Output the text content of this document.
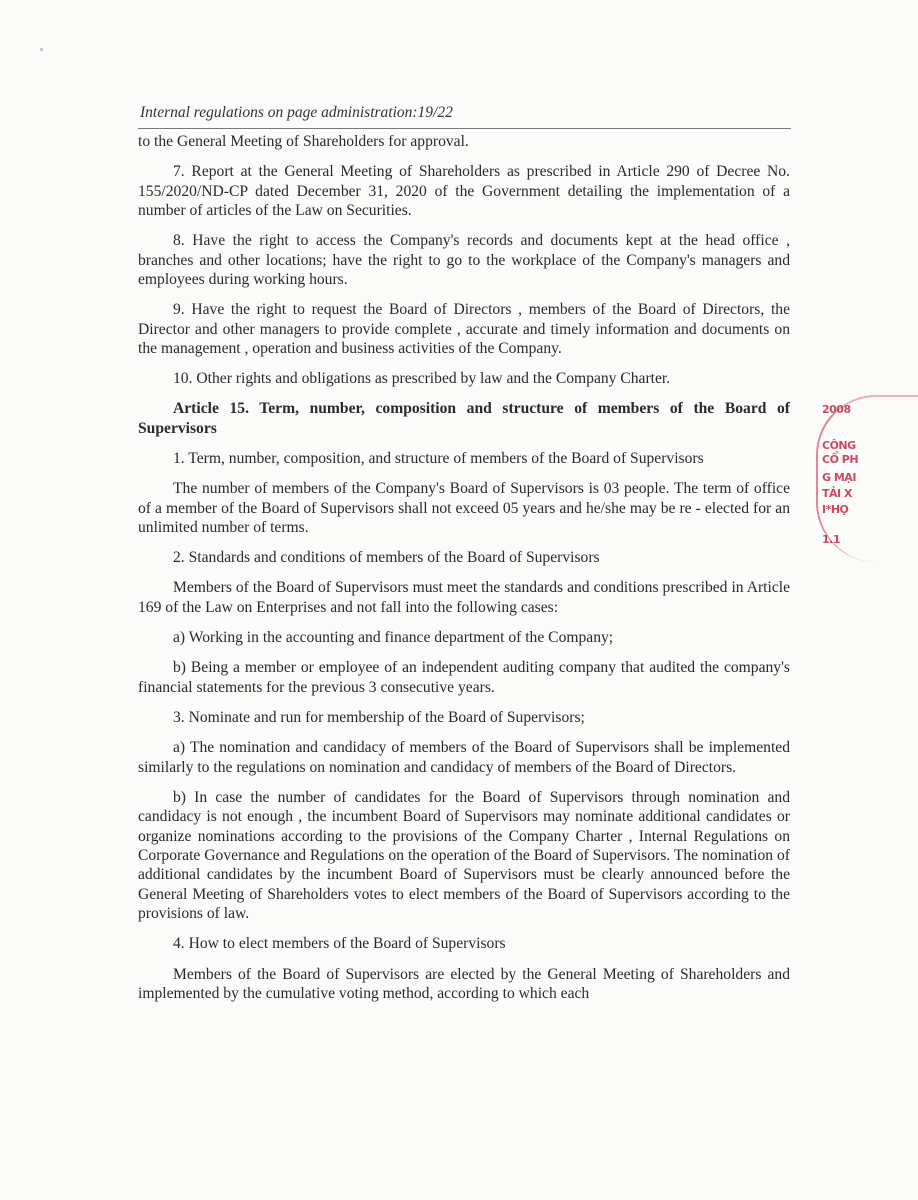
Internal regulations on page administration:19/22

to the General Meeting of Shareholders for approval.

7. Report at the General Meeting of Shareholders as prescribed in Article 290 of Decree No. 155/2020/ND-CP dated December 31, 2020 of the Government detailing the implementation of a number of articles of the Law on Securities.

8. Have the right to access the Company's records and documents kept at the head office , branches and other locations; have the right to go to the workplace of the Company's managers and employees during working hours.

9. Have the right to request the Board of Directors , members of the Board of Directors, the Director and other managers to provide complete , accurate and timely information and documents on the management , operation and business activities of the Company.

10. Other rights and obligations as prescribed by law and the Company Charter.

Article 15. Term, number, composition and structure of members of the Board of Supervisors

1. Term, number, composition, and structure of members of the Board of Supervisors

The number of members of the Company's Board of Supervisors is 03 people. The term of office of a member of the Board of Supervisors shall not exceed 05 years and he/she may be re - elected for an unlimited number of terms.

2. Standards and conditions of members of the Board of Supervisors

Members of the Board of Supervisors must meet the standards and conditions prescribed in Article 169 of the Law on Enterprises and not fall into the following cases:

a) Working in the accounting and finance department of the Company;

b) Being a member or employee of an independent auditing company that audited the company's financial statements for the previous 3 consecutive years.

3. Nominate and run for membership of the Board of Supervisors;

a) The nomination and candidacy of members of the Board of Supervisors shall be implemented similarly to the regulations on nomination and candidacy of members of the Board of Directors.

b) In case the number of candidates for the Board of Supervisors through nomination and candidacy is not enough , the incumbent Board of Supervisors may nominate additional candidates or organize nominations according to the provisions of the Company Charter , Internal Regulations on Corporate Governance and Regulations on the operation of the Board of Supervisors. The nomination of additional candidates by the incumbent Board of Supervisors must be clearly announced before the General Meeting of Shareholders votes to elect members of the Board of Supervisors according to the provisions of law.

4. How to elect members of the Board of Supervisors

Members of the Board of Supervisors are elected by the General Meeting of Shareholders and implemented by the cumulative voting method, according to which each

2008
CÔNG
CỔ PH
G MẠI
TẢI X
I*HỌ
1.1
